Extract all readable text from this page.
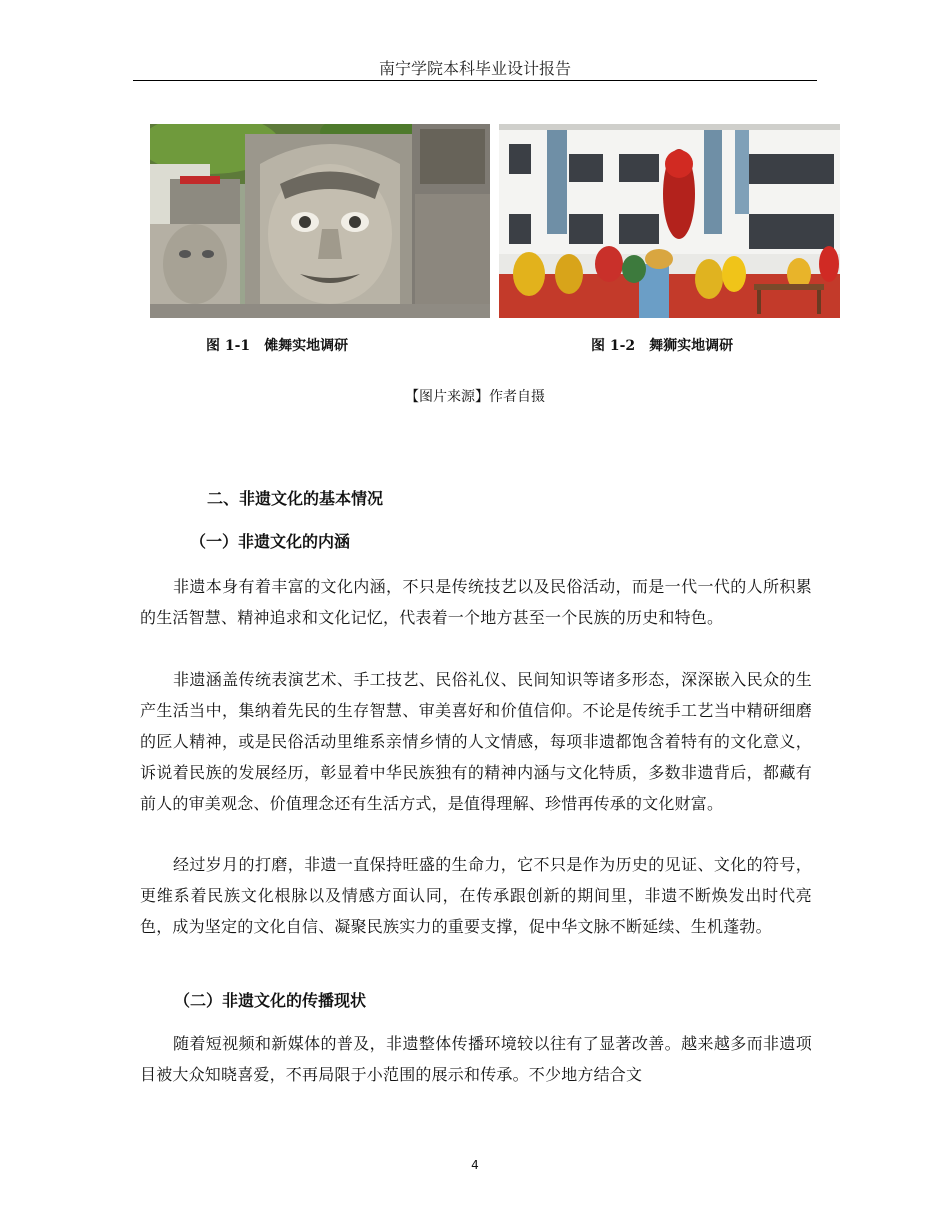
南宁学院本科毕业设计报告
图 1-1　傩舞实地调研	图 1-2　舞狮实地调研
【图片来源】作者自摄
二、非遗文化的基本情况
（一）非遗文化的内涵
非遗本身有着丰富的文化内涵，不只是传统技艺以及民俗活动，而是一代一代的人所积累的生活智慧、精神追求和文化记忆，代表着一个地方甚至一个民族的历史和特色。
非遗涵盖传统表演艺术、手工技艺、民俗礼仪、民间知识等诸多形态，深深嵌入民众的生产生活当中，集纳着先民的生存智慧、审美喜好和价值信仰。不论是传统手工艺当中精研细磨的匠人精神，或是民俗活动里维系亲情乡情的人文情感，每项非遗都饱含着特有的文化意义，诉说着民族的发展经历，彰显着中华民族独有的精神内涵与文化特质，多数非遗背后，都藏有前人的审美观念、价值理念还有生活方式，是值得理解、珍惜再传承的文化财富。
经过岁月的打磨，非遗一直保持旺盛的生命力，它不只是作为历史的见证、文化的符号，更维系着民族文化根脉以及情感方面认同，在传承跟创新的期间里，非遗不断焕发出时代亮色，成为坚定的文化自信、凝聚民族实力的重要支撑，促中华文脉不断延续、生机蓬勃。
（二）非遗文化的传播现状
随着短视频和新媒体的普及，非遗整体传播环境较以往有了显著改善。越来越多而非遗项目被大众知晓喜爱，不再局限于小范围的展示和传承。不少地方结合文
4
